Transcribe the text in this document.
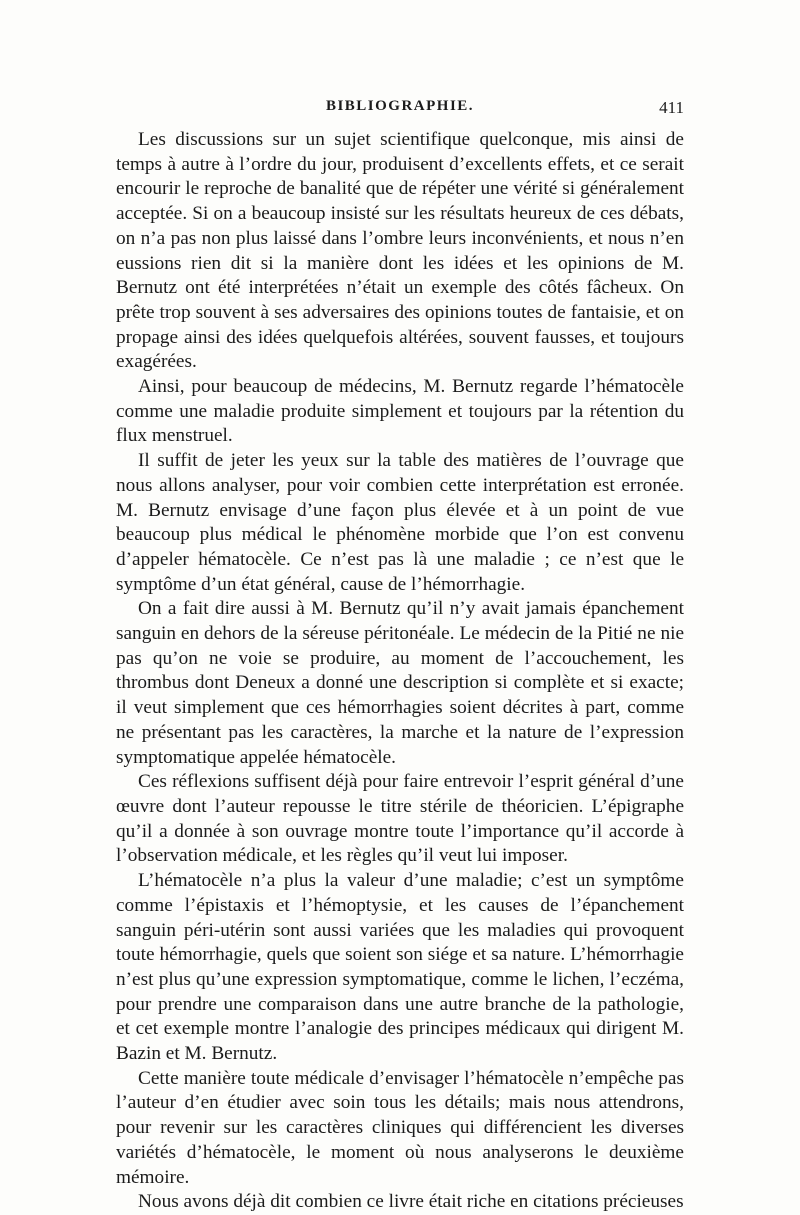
BIBLIOGRAPHIE.	411

Les discussions sur un sujet scientifique quelconque, mis ainsi de temps à autre à l’ordre du jour, produisent d’excellents effets, et ce serait encourir le reproche de banalité que de répéter une vérité si généralement acceptée. Si on a beaucoup insisté sur les résultats heureux de ces débats, on n’a pas non plus laissé dans l’ombre leurs inconvénients, et nous n’en eussions rien dit si la manière dont les idées et les opinions de M. Bernutz ont été interprétées n’était un exemple des côtés fâcheux. On prête trop souvent à ses adversaires des opinions toutes de fantaisie, et on propage ainsi des idées quelquefois altérées, souvent fausses, et toujours exagérées.

Ainsi, pour beaucoup de médecins, M. Bernutz regarde l’hématocèle comme une maladie produite simplement et toujours par la rétention du flux menstruel.

Il suffit de jeter les yeux sur la table des matières de l’ouvrage que nous allons analyser, pour voir combien cette interprétation est erronée. M. Bernutz envisage d’une façon plus élevée et à un point de vue beaucoup plus médical le phénomène morbide que l’on est convenu d’appeler hématocèle. Ce n’est pas là une maladie ; ce n’est que le symptôme d’un état général, cause de l’hémorrhagie.

On a fait dire aussi à M. Bernutz qu’il n’y avait jamais épanchement sanguin en dehors de la séreuse péritonéale. Le médecin de la Pitié ne nie pas qu’on ne voie se produire, au moment de l’accouchement, les thrombus dont Deneux a donné une description si complète et si exacte; il veut simplement que ces hémorrhagies soient décrites à part, comme ne présentant pas les caractères, la marche et la nature de l’expression symptomatique appelée hématocèle.

Ces réflexions suffisent déjà pour faire entrevoir l’esprit général d’une œuvre dont l’auteur repousse le titre stérile de théoricien. L’épigraphe qu’il a donnée à son ouvrage montre toute l’importance qu’il accorde à l’observation médicale, et les règles qu’il veut lui imposer.

L’hématocèle n’a plus la valeur d’une maladie; c’est un symptôme comme l’épistaxis et l’hémoptysie, et les causes de l’épanchement sanguin péri-utérin sont aussi variées que les maladies qui provoquent toute hémorrhagie, quels que soient son siége et sa nature. L’hémorrhagie n’est plus qu’une expression symptomatique, comme le lichen, l’eczéma, pour prendre une comparaison dans une autre branche de la pathologie, et cet exemple montre l’analogie des principes médicaux qui dirigent M. Bazin et M. Bernutz.

Cette manière toute médicale d’envisager l’hématocèle n’empêche pas l’auteur d’en étudier avec soin tous les détails; mais nous attendrons, pour revenir sur les caractères cliniques qui différencient les diverses variétés d’hématocèle, le moment où nous analyserons le deuxième mémoire.

Nous avons déjà dit combien ce livre était riche en citations précieuses
